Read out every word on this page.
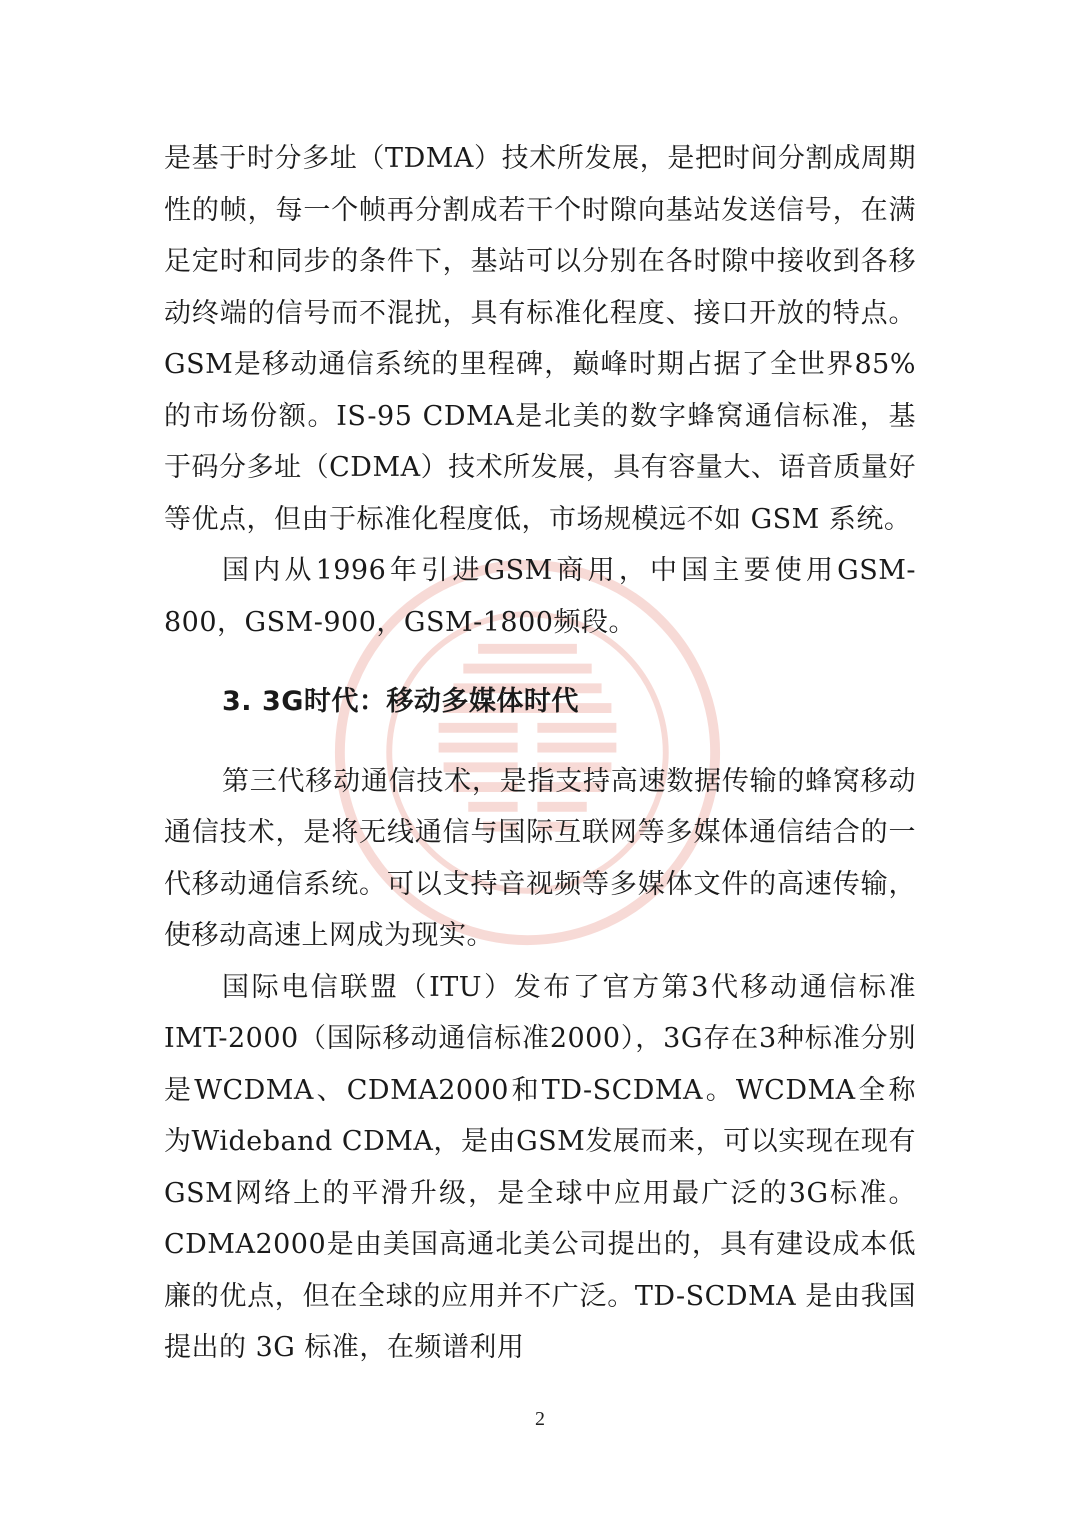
是基于时分多址（TDMA）技术所发展，是把时间分割成周期性的帧，每一个帧再分割成若干个时隙向基站发送信号，在满足定时和同步的条件下，基站可以分别在各时隙中接收到各移动终端的信号而不混扰，具有标准化程度、接口开放的特点。GSM是移动通信系统的里程碑，巅峰时期占据了全世界85%的市场份额。IS-95 CDMA是北美的数字蜂窝通信标准，基于码分多址（CDMA）技术所发展，具有容量大、语音质量好等优点，但由于标准化程度低，市场规模远不如 GSM 系统。

国内从1996年引进GSM商用，中国主要使用GSM-800，GSM-900，GSM-1800频段。

3. 3G时代：移动多媒体时代

第三代移动通信技术，是指支持高速数据传输的蜂窝移动通信技术，是将无线通信与国际互联网等多媒体通信结合的一代移动通信系统。可以支持音视频等多媒体文件的高速传输，使移动高速上网成为现实。

国际电信联盟（ITU）发布了官方第3代移动通信标准IMT-2000（国际移动通信标准2000），3G存在3种标准分别是WCDMA、CDMA2000和TD-SCDMA。WCDMA全称为Wideband CDMA，是由GSM发展而来，可以实现在现有 GSM网络上的平滑升级，是全球中应用最广泛的3G标准。CDMA2000是由美国高通北美公司提出的，具有建设成本低廉的优点，但在全球的应用并不广泛。TD-SCDMA 是由我国提出的 3G 标准，在频谱利用

2
